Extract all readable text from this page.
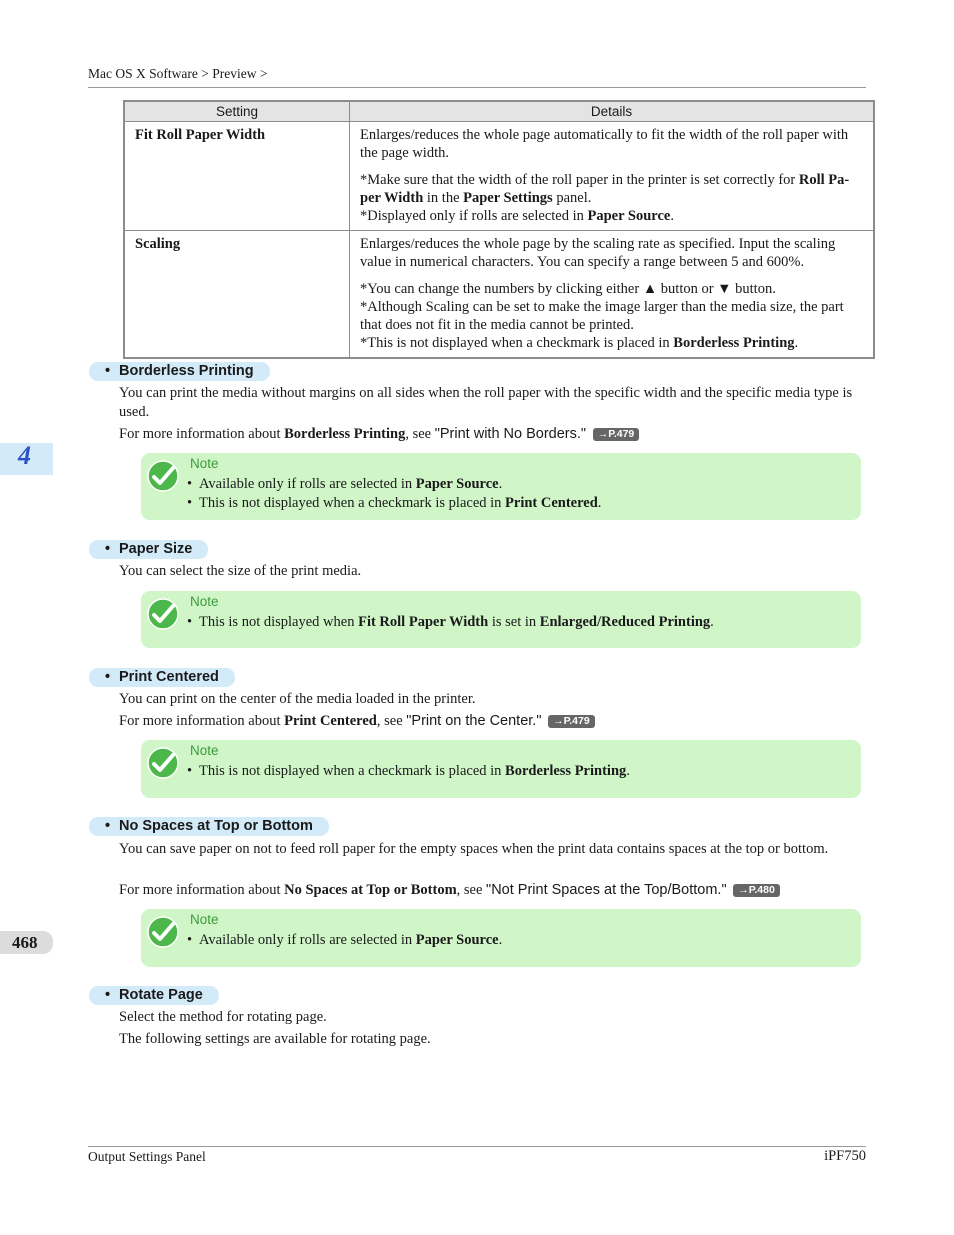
Mac OS X Software > Preview >
Setting	Details
Fit Roll Paper Width	Enlarges/reduces the whole page automatically to fit the width of the roll paper with the page width.

*Make sure that the width of the roll paper in the printer is set correctly for Roll Pa-per Width in the Paper Settings panel.
*Displayed only if rolls are selected in Paper Source.

Scaling	Enlarges/reduces the whole page by the scaling rate as specified. Input the scaling value in numerical characters. You can specify a range between 5 and 600%.

*You can change the numbers by clicking either ▲ button or ▼ button.
*Although Scaling can be set to make the image larger than the media size, the part that does not fit in the media cannot be printed.
*This is not displayed when a checkmark is placed in Borderless Printing.

• Borderless Printing
You can print the media without margins on all sides when the roll paper with the specific width and the specific media type is used.
For more information about Borderless Printing, see "Print with No Borders." →P.479
Note
• Available only if rolls are selected in Paper Source.
• This is not displayed when a checkmark is placed in Print Centered.
• Paper Size
You can select the size of the print media.
Note
• This is not displayed when Fit Roll Paper Width is set in Enlarged/Reduced Printing.
• Print Centered
You can print on the center of the media loaded in the printer.
For more information about Print Centered, see "Print on the Center." →P.479
Note
• This is not displayed when a checkmark is placed in Borderless Printing.
• No Spaces at Top or Bottom
You can save paper on not to feed roll paper for the empty spaces when the print data contains spaces at the top or bottom.
For more information about No Spaces at Top or Bottom, see "Not Print Spaces at the Top/Bottom." →P.480
Note
• Available only if rolls are selected in Paper Source.
• Rotate Page
Select the method for rotating page.
The following settings are available for rotating page.
4
468
Output Settings Panel	iPF750
